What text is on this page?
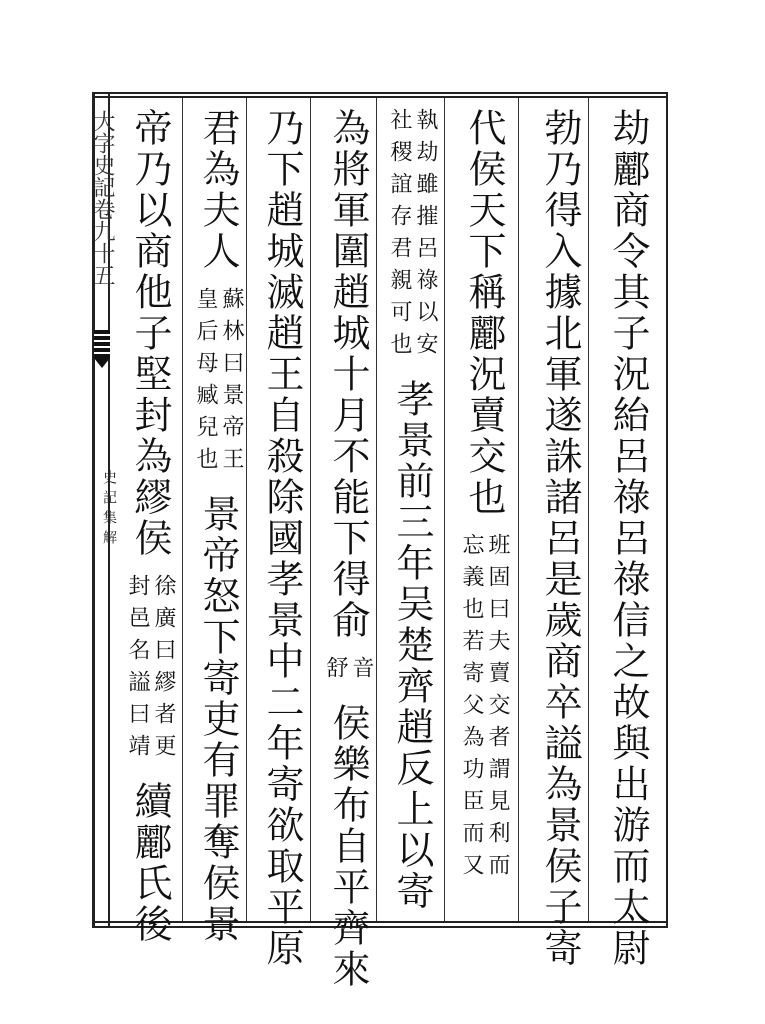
大字史記卷九十五
史記集解	劫酈商令其子況紿呂祿呂祿信之故與出游而太尉
勃乃得入據北軍遂誅諸呂是歲商卒謚為景侯子寄
代侯天下稱酈況賣交也
班固曰夫賣交者謂見利而
忘義也若寄父為功臣而又
執劫雖摧呂祿以安
社稷誼存君親可也
孝景前三年吴楚齊趙反上以寄
為將軍圍趙城十月不能下得俞
音
舒
侯樂布自平齊來
乃下趙城滅趙王自殺除國孝景中二年寄欲取平原
君為夫人
蘇林曰景帝王
皇后母臧兒也
景帝怒下寄吏有罪奪侯景
帝乃以商他子堅封為繆侯
徐廣曰繆者更
封邑名謚曰靖
續酈氏後
